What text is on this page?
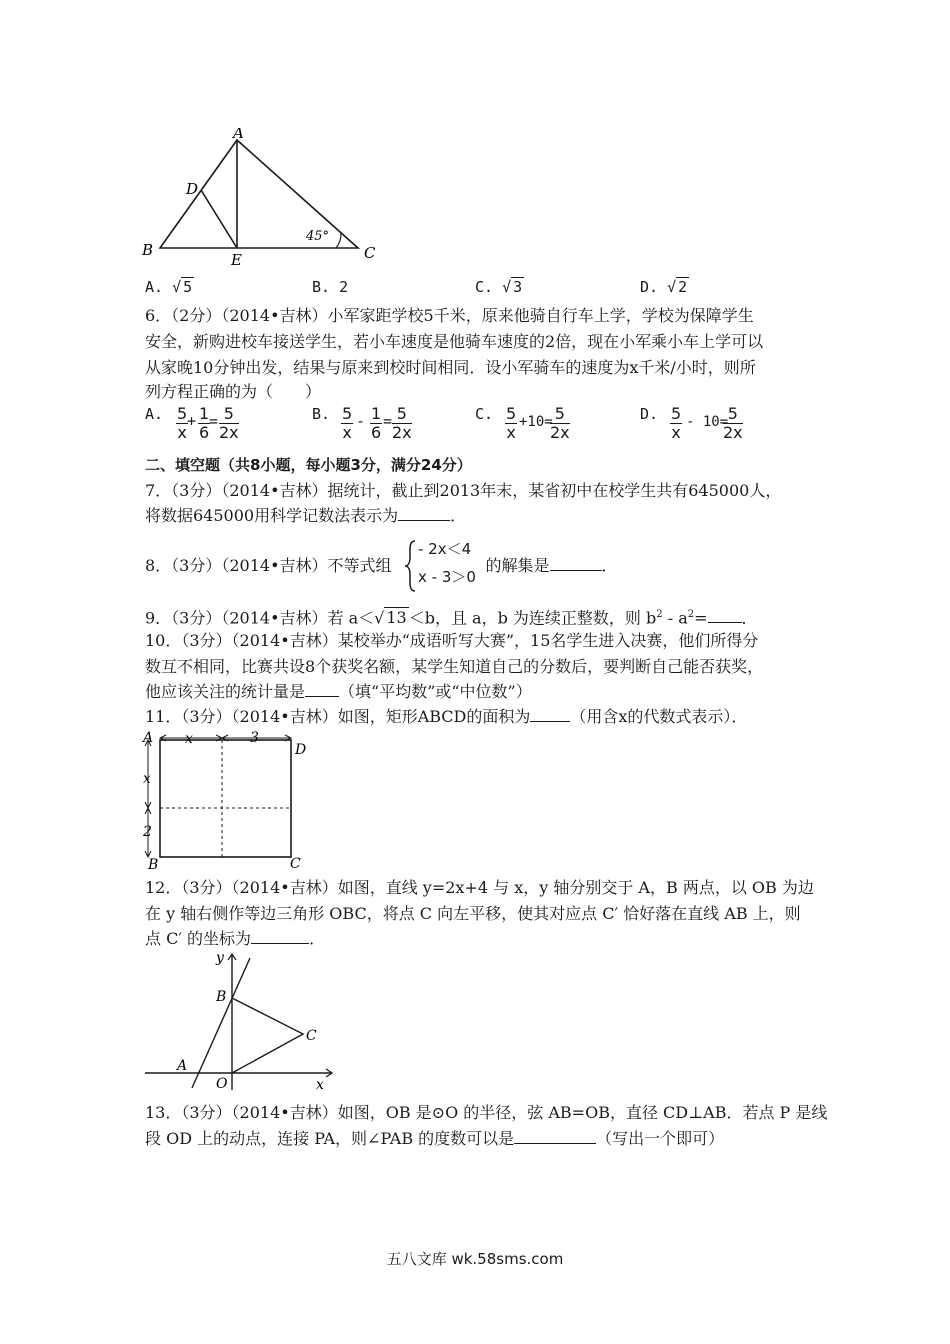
A
D
B
E	C
45°
A. √ 5	B. 2	C. √ 3	D. √ 2
6．（2分）（2014•吉林）小军家距学校5千米，原来他骑自行车上学，学校为保障学生
安全，新购进校车接送学生，若小车速度是他骑车速度的2倍，现在小军乘小车上学可以
从家晚10分钟出发，结果与原来到校时间相同．设小军骑车的速度为x千米/小时，则所
列方程正确的为（　　）
A. $\frac{5}{x}$
+ $\frac{1}{6}$
= $\frac{5}{2x}$	B. $\frac{5}{x} - \frac{1}{6} = \frac{5}{2x}$	C. $\frac{5}{x} +10=$
$\frac{5}{2x}$	D. $\frac{5}{x} - 10=$
$\frac{5}{2x}$
二、填空题（共8小题，每小题3分，满分24分）
7．（3分）（2014•吉林）据统计，截止到2013年末，某省初中在校学生共有645000人，
将数据645000用科学记数法表示为	．
8．（3分）（2014•吉林）不等式组	的解集是	．
- 2x＜4
x - 3＞0
9．（3分）（2014•吉林）若 a＜√ 13 ＜b，且 a，b 为连续正整数，则 $b^2 - a^2=$ ．
10．（3分）（2014•吉林）某校举办“成语听写大赛”，15名学生进入决赛，他们所得分
数互不相同，比赛共设8个获奖名额，某学生知道自己的分数后，要判断自己能否获奖，
他应该关注的统计量是 （填“平均数”或“中位数”）
11．（3分）（2014•吉林）如图，矩形ABCD的面积为	（用含x的代数式表示）．
A
D
B	C
x	3
x
2
12．（3分）（2014•吉林）如图，直线 y=2x+4 与 x，y 轴分别交于 A，B 两点，以 OB 为边
在 y 轴右侧作等边三角形 OBC，将点 C 向左平移，使其对应点 C′ 恰好落在直线 AB 上，则
点 C′ 的坐标为	．
y
B
C
A
O	x
13．（3分）（2014•吉林）如图，OB 是⊙O 的半径，弦 AB=OB，直径 CD⊥AB．若点 P 是线
段 OD 上的动点，连接 PA，则∠PAB 的度数可以是	（写出一个即可）
五八文库 wk.58sms.com
